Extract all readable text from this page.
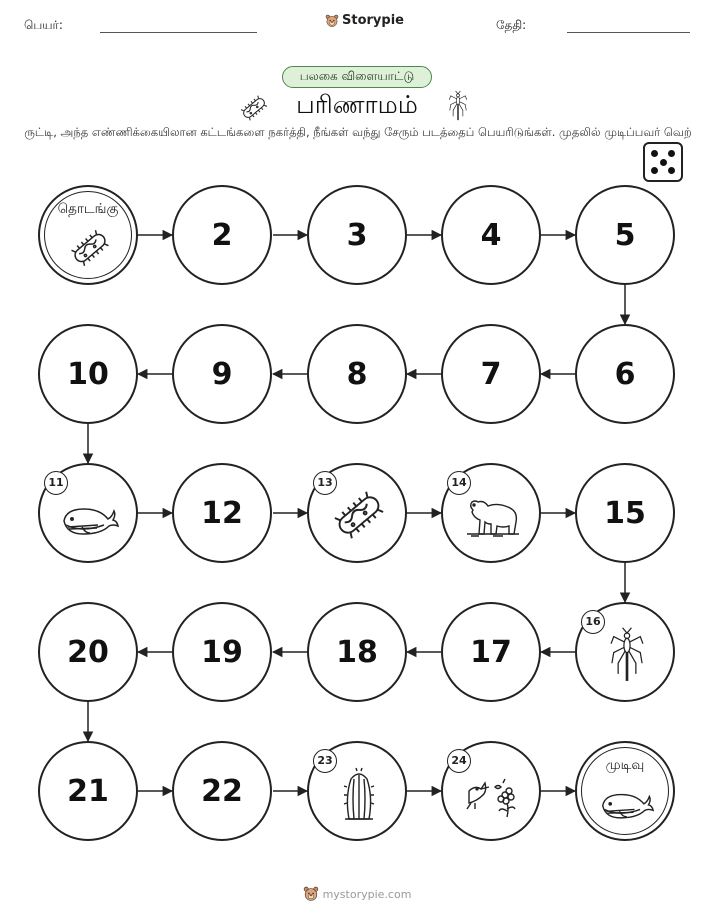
பெயர்:	Storypie	தேதி:
பலகை விளையாட்டு
பரிணாமம்
ருட்டி, அந்த எண்ணிக்கையிலான கட்டங்களை நகர்த்தி, நீங்கள் வந்து சேரும் படத்தைப் பெயரிடுங்கள். முதலில் முடிப்பவர் வெற்
தொடங்கு
2	3	4	5
10	9	8	7	6
11
12
13	14
15
20	19	18	17
16
21	22
23	24	முடிவு
mystorypie.com
